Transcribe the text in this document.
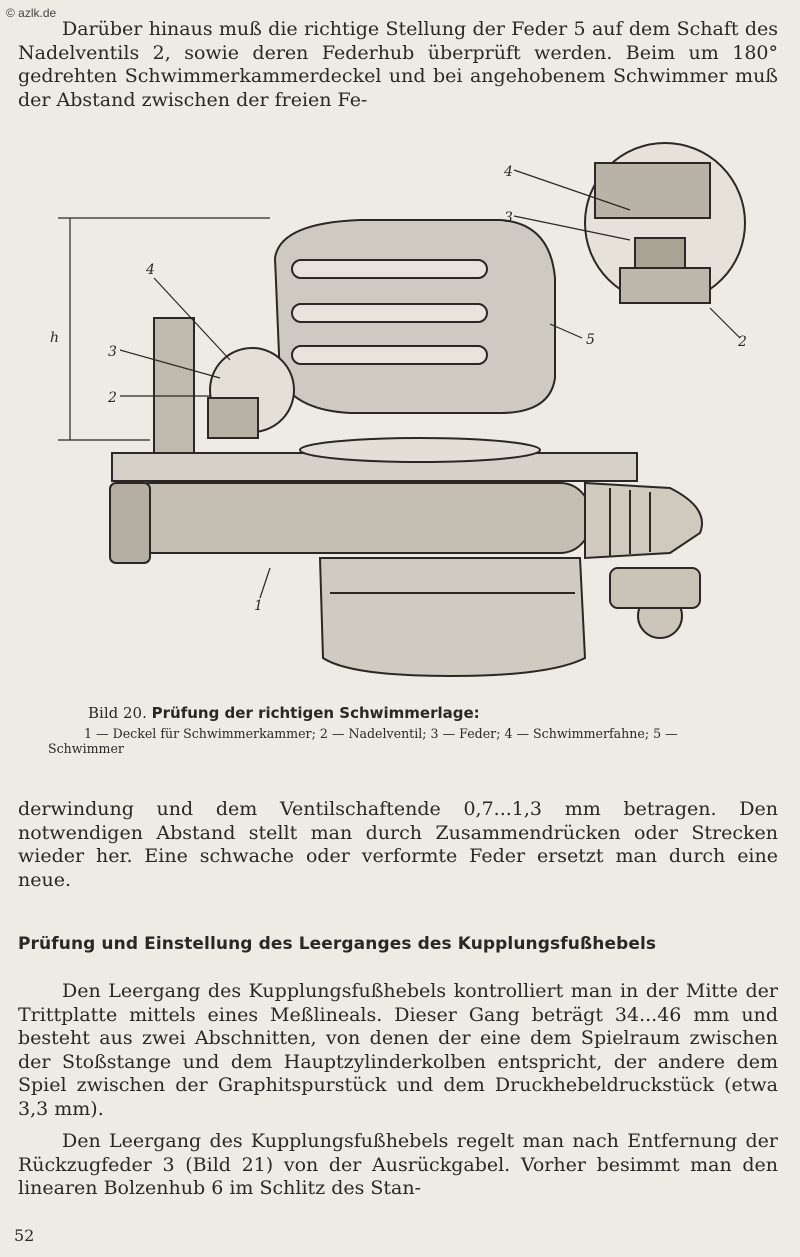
© azlk.de

Darüber hinaus muß die richtige Stellung der Feder 5 auf dem Schaft des Nadelventils 2, sowie deren Federhub überprüft werden. Beim um 180° gedrehten Schwimmerkammerdeckel und bei angehobenem Schwimmer muß der Abstand zwischen der freien Fe-

h
3
2
4
5
1
4
3
2
Bild 20. Prüfung der richtigen Schwimmerlage:
1 — Deckel für Schwimmerkammer; 2 — Nadelventil; 3 — Feder; 4 — Schwimmerfahne; 5 — Schwimmer

derwindung und dem Ventilschaftende 0,7...1,3 mm betragen. Den notwendigen Abstand stellt man durch Zusammendrücken oder Strecken wieder her. Eine schwache oder verformte Feder ersetzt man durch eine neue.

Prüfung und Einstellung des Leerganges des Kupplungsfußhebels

Den Leergang des Kupplungsfußhebels kontrolliert man in der Mitte der Trittplatte mittels eines Meßlineals. Dieser Gang beträgt 34...46 mm und besteht aus zwei Abschnitten, von denen der eine dem Spielraum zwischen der Stoßstange und dem Hauptzylinderkolben entspricht, der andere dem Spiel zwischen der Graphitspurstück und dem Druckhebeldruckstück (etwa 3,3 mm).

Den Leergang des Kupplungsfußhebels regelt man nach Entfernung der Rückzugfeder 3 (Bild 21) von der Ausrückgabel. Vorher besimmt man den linearen Bolzenhub 6 im Schlitz des Stan-

52
